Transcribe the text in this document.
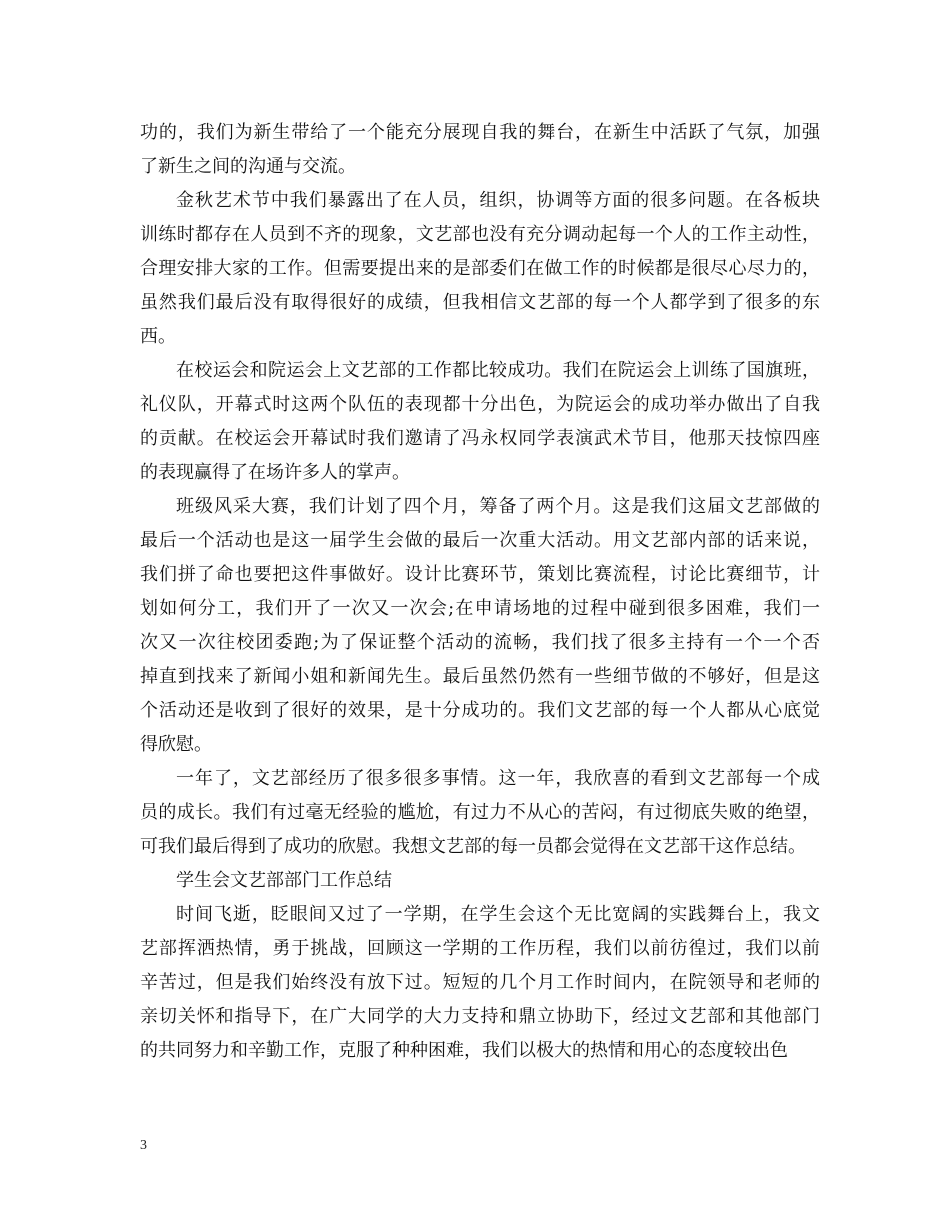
功的，我们为新生带给了一个能充分展现自我的舞台，在新生中活跃了气氛，加强
了新生之间的沟通与交流。
金秋艺术节中我们暴露出了在人员，组织，协调等方面的很多问题。在各板块
训练时都存在人员到不齐的现象，文艺部也没有充分调动起每一个人的工作主动性，
合理安排大家的工作。但需要提出来的是部委们在做工作的时候都是很尽心尽力的，
虽然我们最后没有取得很好的成绩，但我相信文艺部的每一个人都学到了很多的东
西。
在校运会和院运会上文艺部的工作都比较成功。我们在院运会上训练了国旗班，
礼仪队，开幕式时这两个队伍的表现都十分出色，为院运会的成功举办做出了自我
的贡献。在校运会开幕试时我们邀请了冯永权同学表演武术节目，他那天技惊四座
的表现赢得了在场许多人的掌声。
班级风采大赛，我们计划了四个月，筹备了两个月。这是我们这届文艺部做的
最后一个活动也是这一届学生会做的最后一次重大活动。用文艺部内部的话来说，
我们拼了命也要把这件事做好。设计比赛环节，策划比赛流程，讨论比赛细节，计
划如何分工，我们开了一次又一次会;在申请场地的过程中碰到很多困难，我们一
次又一次往校团委跑;为了保证整个活动的流畅，我们找了很多主持有一个一个否
掉直到找来了新闻小姐和新闻先生。最后虽然仍然有一些细节做的不够好，但是这
个活动还是收到了很好的效果，是十分成功的。我们文艺部的每一个人都从心底觉
得欣慰。
一年了，文艺部经历了很多很多事情。这一年，我欣喜的看到文艺部每一个成
员的成长。我们有过毫无经验的尴尬，有过力不从心的苦闷，有过彻底失败的绝望，
可我们最后得到了成功的欣慰。我想文艺部的每一员都会觉得在文艺部干这作总结。
学生会文艺部部门工作总结
时间飞逝，眨眼间又过了一学期，在学生会这个无比宽阔的实践舞台上，我文
艺部挥洒热情，勇于挑战，回顾这一学期的工作历程，我们以前彷徨过，我们以前
辛苦过，但是我们始终没有放下过。短短的几个月工作时间内，在院领导和老师的
亲切关怀和指导下，在广大同学的大力支持和鼎立协助下，经过文艺部和其他部门
的共同努力和辛勤工作，克服了种种困难，我们以极大的热情和用心的态度较出色
3
